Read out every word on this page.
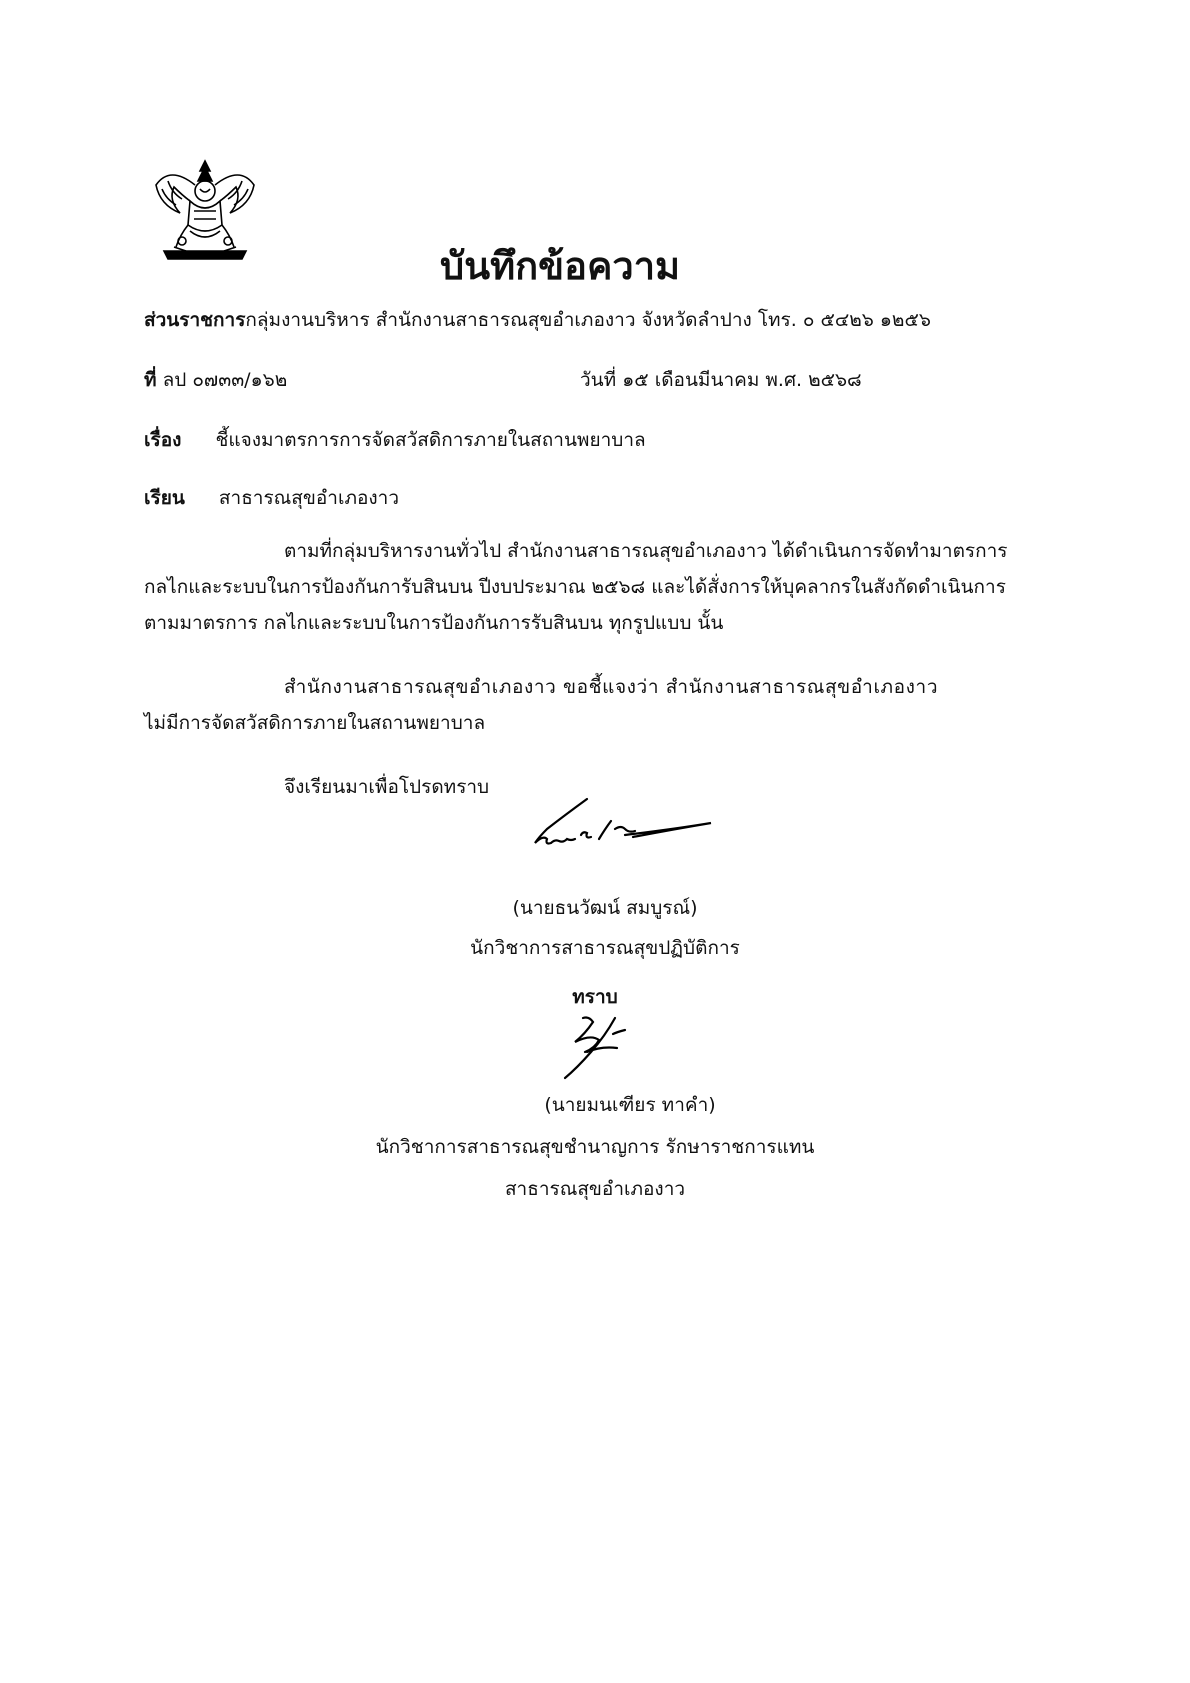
บันทึกข้อความ
ส่วนราชการกลุ่มงานบริหาร สำนักงานสาธารณสุขอำเภองาว จังหวัดลำปาง โทร. ๐ ๕๔๒๖ ๑๒๕๖
ที่ ลป ๐๗๓๓/๑๖๒	วันที่ ๑๕ เดือนมีนาคม พ.ศ. ๒๕๖๘
เรื่อง ชี้แจงมาตรการการจัดสวัสดิการภายในสถานพยาบาล
เรียน สาธารณสุขอำเภองาว
ตามที่กลุ่มบริหารงานทั่วไป สำนักงานสาธารณสุขอำเภองาว ได้ดำเนินการจัดทำมาตรการ
กลไกและระบบในการป้องกันการับสินบน ปีงบประมาณ ๒๕๖๘ และได้สั่งการให้บุคลากรในสังกัดดำเนินการ
ตามมาตรการ กลไกและระบบในการป้องกันการรับสินบน ทุกรูปแบบ นั้น
สำนักงานสาธารณสุขอำเภองาว ขอชี้แจงว่า สำนักงานสาธารณสุขอำเภองาว
ไม่มีการจัดสวัสดิการภายในสถานพยาบาล
จึงเรียนมาเพื่อโปรดทราบ
(นายธนวัฒน์ สมบูรณ์)
นักวิชาการสาธารณสุขปฏิบัติการ
ทราบ
(นายมนเฑียร ทาคำ)
นักวิชาการสาธารณสุขชำนาญการ รักษาราชการแทน
สาธารณสุขอำเภองาว
